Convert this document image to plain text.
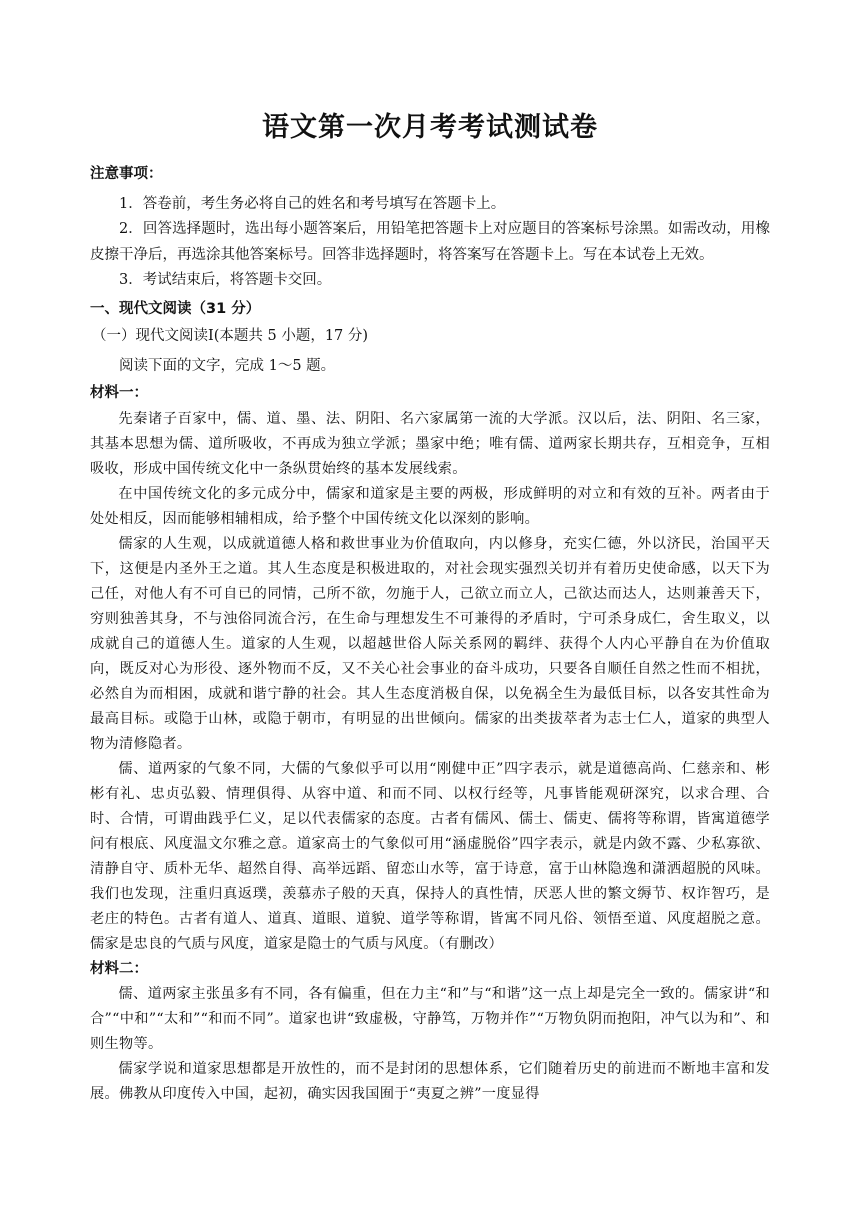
语文第一次月考考试测试卷

注意事项：

1．答卷前，考生务必将自己的姓名和考号填写在答题卡上。

2．回答选择题时，选出每小题答案后，用铅笔把答题卡上对应题目的答案标号涂黑。如需改动，用橡皮擦干净后，再选涂其他答案标号。回答非选择题时，将答案写在答题卡上。写在本试卷上无效。

3．考试结束后，将答题卡交回。

一、现代文阅读（31 分）

（一）现代文阅读Ⅰ(本题共 5 小题，17 分)

阅读下面的文字，完成 1～5 题。

材料一：

先秦诸子百家中，儒、道、墨、法、阴阳、名六家属第一流的大学派。汉以后，法、阴阳、名三家，其基本思想为儒、道所吸收，不再成为独立学派；墨家中绝；唯有儒、道两家长期共存，互相竞争，互相吸收，形成中国传统文化中一条纵贯始终的基本发展线索。

在中国传统文化的多元成分中，儒家和道家是主要的两极，形成鲜明的对立和有效的互补。两者由于处处相反，因而能够相辅相成，给予整个中国传统文化以深刻的影响。

儒家的人生观，以成就道德人格和救世事业为价值取向，内以修身，充实仁德，外以济民，治国平天下，这便是内圣外王之道。其人生态度是积极进取的，对社会现实强烈关切并有着历史使命感，以天下为己任，对他人有不可自已的同情，己所不欲，勿施于人，己欲立而立人，己欲达而达人，达则兼善天下，穷则独善其身，不与浊俗同流合污，在生命与理想发生不可兼得的矛盾时，宁可杀身成仁，舍生取义，以成就自己的道德人生。道家的人生观，以超越世俗人际关系网的羁绊、获得个人内心平静自在为价值取向，既反对心为形役、逐外物而不反，又不关心社会事业的奋斗成功，只要各自顺任自然之性而不相扰，必然自为而相困，成就和谐宁静的社会。其人生态度消极自保，以免祸全生为最低目标，以各安其性命为最高目标。或隐于山林，或隐于朝市，有明显的出世倾向。儒家的出类拔萃者为志士仁人，道家的典型人物为清修隐者。

儒、道两家的气象不同，大儒的气象似乎可以用“刚健中正”四字表示，就是道德高尚、仁慈亲和、彬彬有礼、忠贞弘毅、情理俱得、从容中道、和而不同、以权行经等，凡事皆能观研深究，以求合理、合时、合情，可谓曲践乎仁义，足以代表儒家的态度。古者有儒风、儒士、儒吏、儒将等称谓，皆寓道德学问有根底、风度温文尔雅之意。道家高士的气象似可用“涵虚脱俗”四字表示，就是内敛不露、少私寡欲、清静自守、质朴无华、超然自得、高举远蹈、留恋山水等，富于诗意，富于山林隐逸和潇洒超脱的风味。我们也发现，注重归真返璞，羡慕赤子般的天真，保持人的真性情，厌恶人世的繁文缛节、权诈智巧，是老庄的特色。古者有道人、道真、道眼、道貌、道学等称谓，皆寓不同凡俗、领悟至道、风度超脱之意。儒家是忠良的气质与风度，道家是隐士的气质与风度。（有删改）

材料二：

儒、道两家主张虽多有不同，各有偏重，但在力主“和”与“和谐”这一点上却是完全一致的。儒家讲“和合”“中和”“太和”“和而不同”。道家也讲“致虚极，守静笃，万物并作”“万物负阴而抱阳，冲气以为和”、和则生物等。

儒家学说和道家思想都是开放性的，而不是封闭的思想体系，它们随着历史的前进而不断地丰富和发展。佛教从印度传入中国，起初，确实因我国囿于“夷夏之辨”一度显得
